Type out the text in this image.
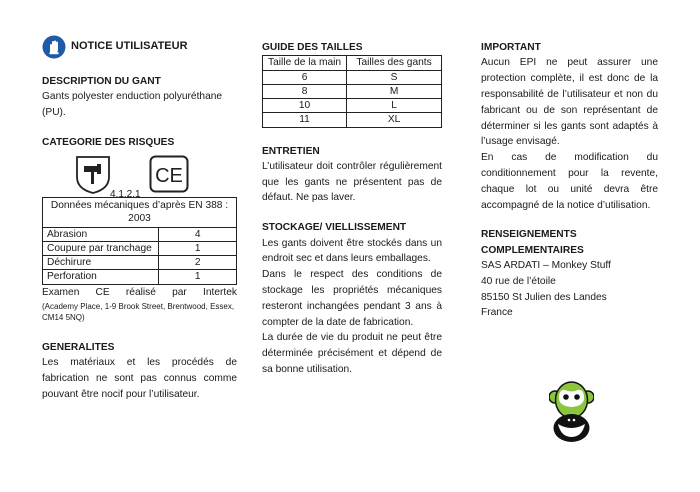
NOTICE UTILISATEUR
DESCRIPTION DU GANT

Gants polyester enduction polyuréthane (PU).

CATEGORIE DES RISQUES
CE
4.1.2.1
Données mécaniques d’après EN 388 : 2003	
Abrasion	4
Coupure par tranchage	1
Déchirure	2
Perforation	1

Examen CE réalisé par Intertek

(Academy Place, 1-9 Brook Street, Brentwood, Essex, CM14 5NQ)

GENERALITES

Les matériaux et les procédés de fabrication ne sont pas connus comme pouvant être nocif pour l’utilisateur.

GUIDE DES TAILLES
Taille de la main	Tailles des gants
6	S
8	M
10	L
11	XL
ENTRETIEN

L’utilisateur doit contrôler régulièrement que les gants ne présentent pas de défaut. Ne pas laver.

STOCKAGE/ VIELLISSEMENT

Les gants doivent être stockés dans un endroit sec et dans leurs emballages.

Dans le respect des conditions de stockage les propriétés mécaniques resteront inchangées pendant 3 ans à compter de la date de fabrication.

La durée de vie du produit ne peut être déterminée précisément et dépend de sa bonne utilisation.

IMPORTANT

Aucun EPI ne peut assurer une protection complète, il est donc de la responsabilité de l’utilisateur et non du fabricant ou de son représentant de déterminer si les gants sont adaptés à l’usage envisagé.

En cas de modification du conditionnement pour la revente, chaque lot ou unité devra être accompagné de la notice d’utilisation.

RENSEIGNEMENTS
COMPLEMENTAIRES

SAS ARDATI – Monkey Stuff

40 rue de l’étoile

85150 St Julien des Landes

France
